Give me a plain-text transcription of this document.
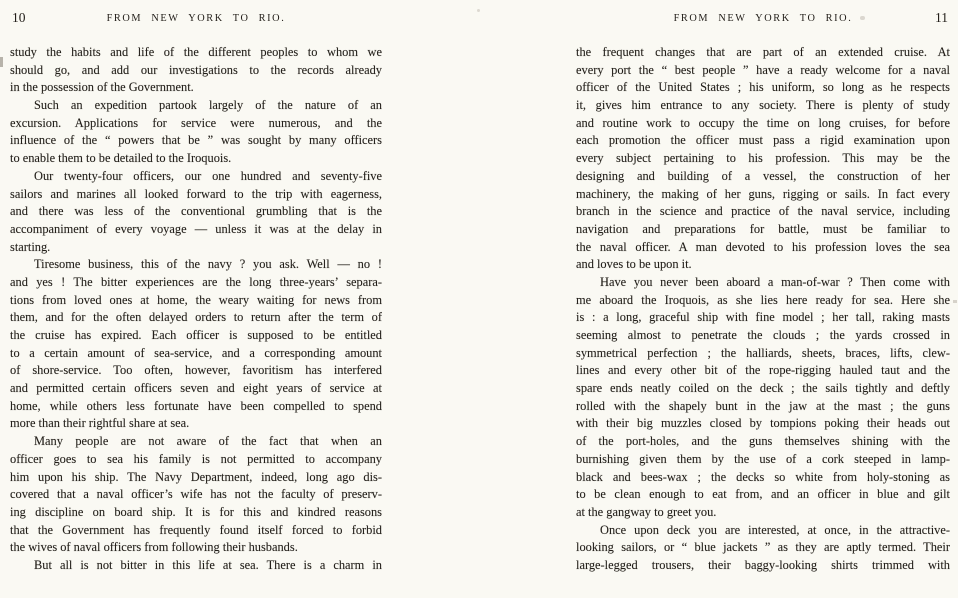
10	FROM NEW YORK TO RIO.
study the habits and life of the different peoples to whom we
should go, and add our investigations to the records already
in the possession of the Government.
Such an expedition partook largely of the nature of an
excursion. Applications for service were numerous, and the
influence of the “ powers that be ” was sought by many officers
to enable them to be detailed to the Iroquois.
Our twenty-four officers, our one hundred and seventy-five
sailors and marines all looked forward to the trip with eagerness,
and there was less of the conventional grumbling that is the
accompaniment of every voyage — unless it was at the delay in
starting.
Tiresome business, this of the navy ? you ask. Well — no !
and yes ! The bitter experiences are the long three-years’ separa-
tions from loved ones at home, the weary waiting for news from
them, and for the often delayed orders to return after the term of
the cruise has expired. Each officer is supposed to be entitled
to a certain amount of sea-service, and a corresponding amount
of shore-service. Too often, however, favoritism has interfered
and permitted certain officers seven and eight years of service at
home, while others less fortunate have been compelled to spend
more than their rightful share at sea.
Many people are not aware of the fact that when an
officer goes to sea his family is not permitted to accompany
him upon his ship. The Navy Department, indeed, long ago dis-
covered that a naval officer’s wife has not the faculty of preserv-
ing discipline on board ship. It is for this and kindred reasons
that the Government has frequently found itself forced to forbid
the wives of naval officers from following their husbands.
But all is not bitter in this life at sea. There is a charm in
FROM NEW YORK TO RIO.	11
the frequent changes that are part of an extended cruise. At
every port the “ best people ” have a ready welcome for a naval
officer of the United States ; his uniform, so long as he respects
it, gives him entrance to any society. There is plenty of study
and routine work to occupy the time on long cruises, for before
each promotion the officer must pass a rigid examination upon
every subject pertaining to his profession. This may be the
designing and building of a vessel, the construction of her
machinery, the making of her guns, rigging or sails. In fact every
branch in the science and practice of the naval service, including
navigation and preparations for battle, must be familiar to
the naval officer. A man devoted to his profession loves the sea
and loves to be upon it.
Have you never been aboard a man-of-war ? Then come with
me aboard the Iroquois, as she lies here ready for sea. Here she
is : a long, graceful ship with fine model ; her tall, raking masts
seeming almost to penetrate the clouds ; the yards crossed in
symmetrical perfection ; the halliards, sheets, braces, lifts, clew-
lines and every other bit of the rope-rigging hauled taut and the
spare ends neatly coiled on the deck ; the sails tightly and deftly
rolled with the shapely bunt in the jaw at the mast ; the guns
with their big muzzles closed by tompions poking their heads out
of the port-holes, and the guns themselves shining with the
burnishing given them by the use of a cork steeped in lamp-
black and bees-wax ; the decks so white from holy-stoning as
to be clean enough to eat from, and an officer in blue and gilt
at the gangway to greet you.
Once upon deck you are interested, at once, in the attractive-
looking sailors, or “ blue jackets ” as they are aptly termed. Their
large-legged trousers, their baggy-looking shirts trimmed with
